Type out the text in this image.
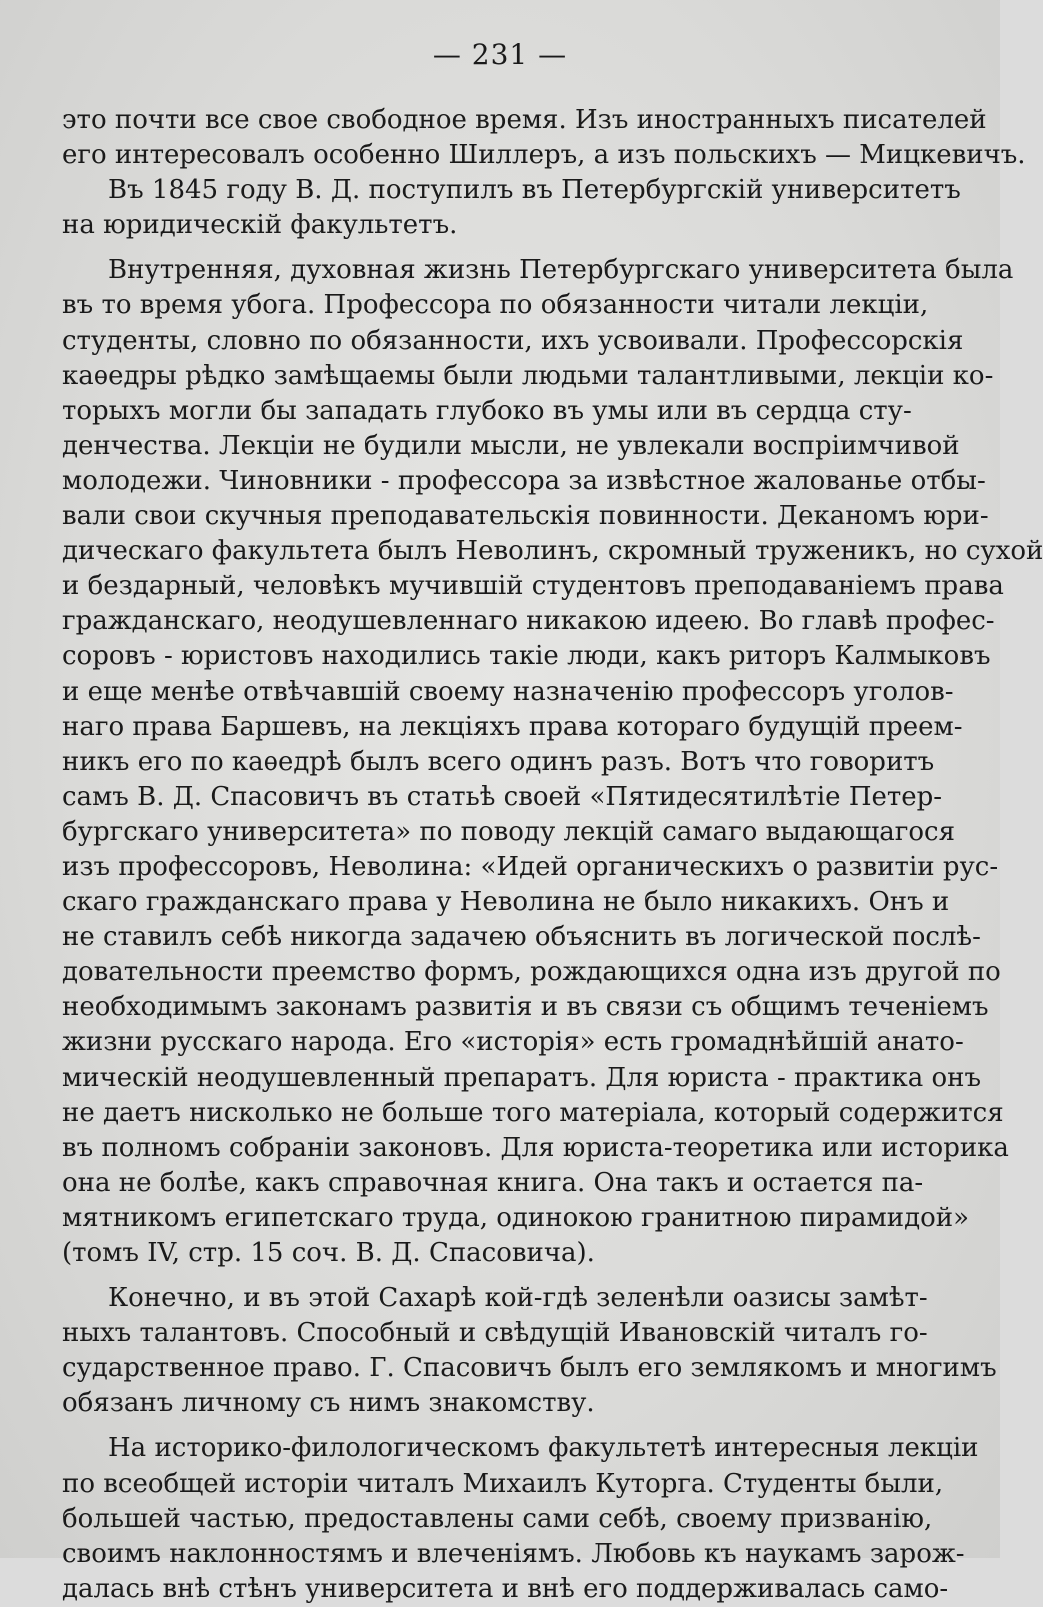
— 231 —
это почти все свое свободное время. Изъ иностранныхъ писателей
его интересовалъ особенно Шиллеръ, а изъ польскихъ — Мицкевичъ.
Въ 1845 году В. Д. поступилъ въ Петербургскій университетъ
на юридическій факультетъ.
Внутренняя, духовная жизнь Петербургскаго университета была
въ то время убога. Профессора по обязанности читали лекціи,
студенты, словно по обязанности, ихъ усвоивали. Профессорскія
каѳедры рѣдко замѣщаемы были людьми талантливыми, лекціи ко-
торыхъ могли бы западать глубоко въ умы или въ сердца сту-
денчества. Лекціи не будили мысли, не увлекали воспріимчивой
молодежи. Чиновники - профессора за извѣстное жалованье отбы-
вали свои скучныя преподавательскія повинности. Деканомъ юри-
дическаго факультета былъ Неволинъ, скромный труженикъ, но сухой
и бездарный, человѣкъ мучившій студентовъ преподаваніемъ права
гражданскаго, неодушевленнаго никакою идеею. Во главѣ профес-
соровъ - юристовъ находились такіе люди, какъ риторъ Калмыковъ
и еще менѣе отвѣчавшій своему назначенію профессоръ уголов-
наго права Баршевъ, на лекціяхъ права котораго будущій преем-
никъ его по каѳедрѣ былъ всего одинъ разъ. Вотъ что говоритъ
самъ В. Д. Спасовичъ въ статьѣ своей «Пятидесятилѣтіе Петер-
бургскаго университета» по поводу лекцій самаго выдающагося
изъ профессоровъ, Неволина: «Идей органическихъ о развитіи рус-
скаго гражданскаго права у Неволина не было никакихъ. Онъ и
не ставилъ себѣ никогда задачею объяснить въ логической послѣ-
довательности преемство формъ, рождающихся одна изъ другой по
необходимымъ законамъ развитія и въ связи съ общимъ теченіемъ
жизни русскаго народа. Его «исторія» есть громаднѣйшій анато-
мическій неодушевленный препаратъ. Для юриста - практика онъ
не даетъ нисколько не больше того матеріала, который содержится
въ полномъ собраніи законовъ. Для юриста-теоретика или историка
она не болѣе, какъ справочная книга. Она такъ и остается па-
мятникомъ египетскаго труда, одинокою гранитною пирамидой»
(томъ IV, стр. 15 соч. В. Д. Спасовича).
Конечно, и въ этой Сахарѣ кой-гдѣ зеленѣли оазисы замѣт-
ныхъ талантовъ. Способный и свѣдущій Ивановскій читалъ го-
сударственное право. Г. Спасовичъ былъ его землякомъ и многимъ
обязанъ личному съ нимъ знакомству.
На историко-филологическомъ факультетѣ интересныя лекціи
по всеобщей исторіи читалъ Михаилъ Куторга. Студенты были,
большей частью, предоставлены сами себѣ, своему призванію,
своимъ наклонностямъ и влеченіямъ. Любовь къ наукамъ зарож-
далась внѣ стѣнъ университета и внѣ его поддерживалась само-
